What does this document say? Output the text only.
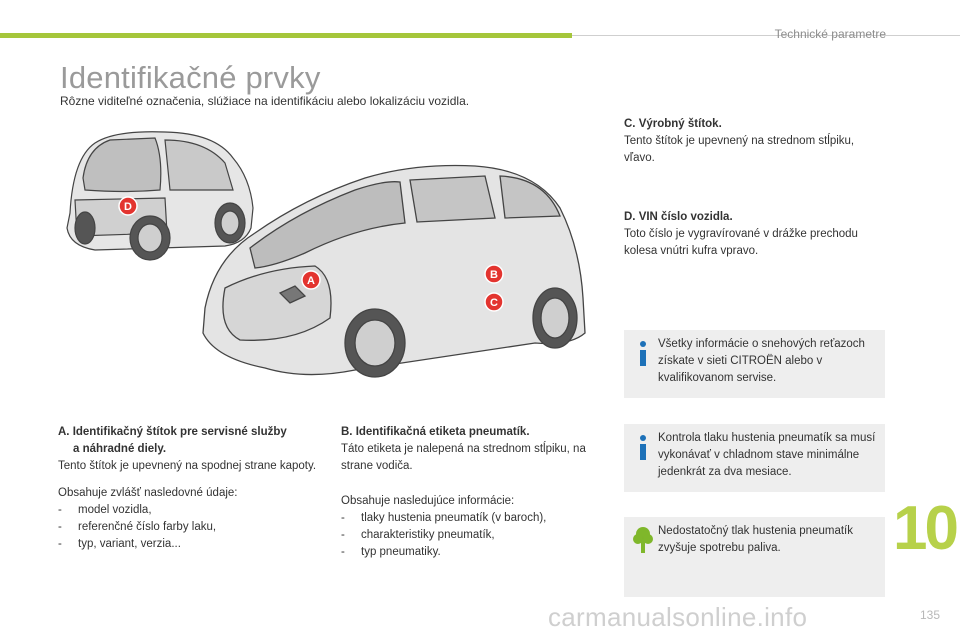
Technické parametre
Identifikačné prvky
Rôzne viditeľné označenia, slúžiace na identifikáciu alebo lokalizáciu vozidla.
A	B
C
D
C. Výrobný štítok.
Tento štítok je upevnený na strednom stĺpiku, vľavo.
D. VIN číslo vozidla.
Toto číslo je vygravírované v drážke prechodu kolesa vnútri kufra vpravo.
A. Identifikačný štítok pre servisné služby
a náhradné diely.

Tento štítok je upevnený na spodnej strane kapoty.

Obsahuje zvlášť nasledovné údaje:
- model vozidla,
- referenčné číslo farby laku,
- typ, variant, verzia...
B. Identifikačná etiketa pneumatík.

Táto etiketa je nalepená na strednom stĺpiku, na strane vodiča.

Obsahuje nasledujúce informácie:
- tlaky hustenia pneumatík (v baroch),
- charakteristiky pneumatík,
- typ pneumatiky.
Všetky informácie o snehových reťazoch získate v sieti CITROËN alebo v kvalifikovanom servise.
Kontrola tlaku hustenia pneumatík sa musí vykonávať v chladnom stave minimálne jedenkrát za dva mesiace.
Nedostatočný tlak hustenia pneumatík zvyšuje spotrebu paliva.	10
carmanualsonline.info	135
